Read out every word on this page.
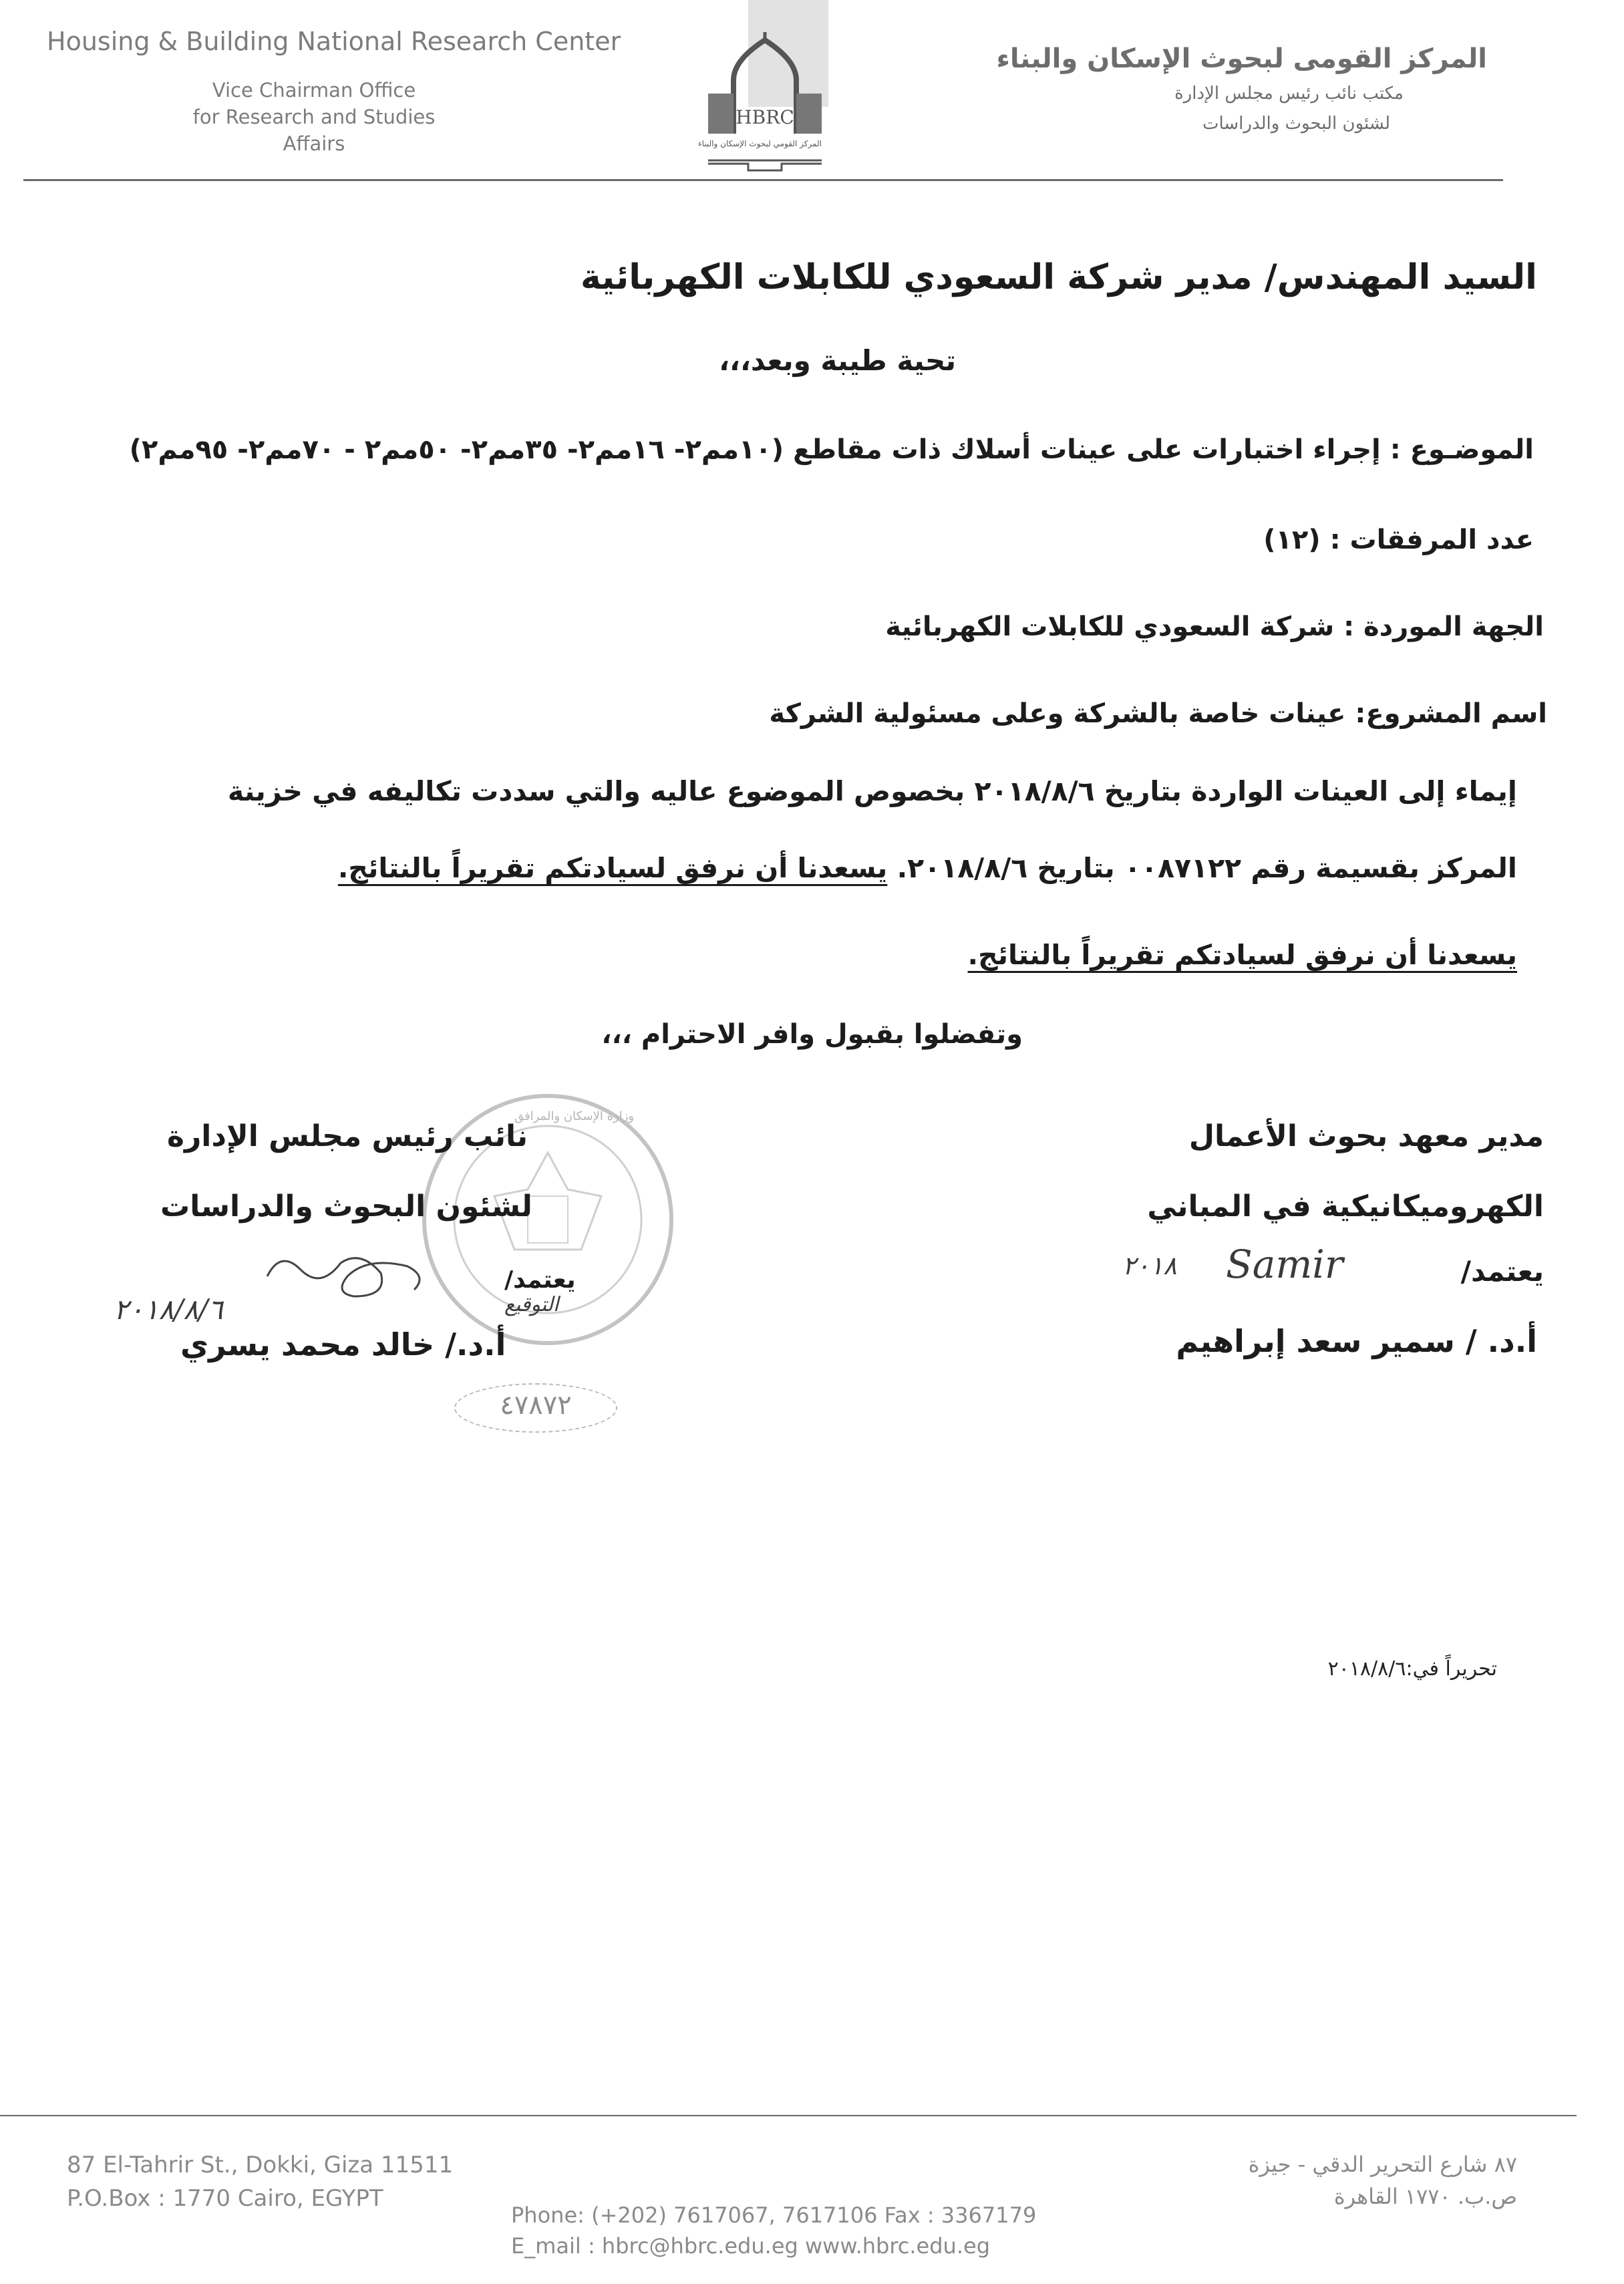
Housing & Building National Research Center
Vice Chairman Office
for Research and Studies Affairs
HBRC
المركز القومي لبحوث الإسكان والبناء
المركز القومى لبحوث الإسكان والبناء
مكتب نائب رئيس مجلس الإدارة
لشئون البحوث والدراسات
السيد المهندس/ مدير شركة السعودي للكابلات الكهربائية
تحية طيبة وبعد،،،
الموضـوع : إجراء اختبارات على عينات أسلاك ذات مقاطع (١٠مم٢- ١٦مم٢- ٣٥مم٢- ٥٠مم٢ - ٧٠مم٢- ٩٥مم٢)
عدد المرفقات : (١٢)
الجهة الموردة : شركة السعودي للكابلات الكهربائية
اسم المشروع: عينات خاصة بالشركة وعلى مسئولية الشركة
إيماء إلى العينات الواردة بتاريخ ٢٠١٨/٨/٦ بخصوص الموضوع عاليه والتي سددت تكاليفه في خزينة
المركز بقسيمة رقم ٠٠٨٧١٢٢ بتاريخ ٢٠١٨/٨/٦. يسعدنا أن نرفق لسيادتكم تقريراً بالنتائج.
يسعدنا أن نرفق لسيادتكم تقريراً بالنتائج.
وتفضلوا بقبول وافر الاحترام ،،،
مدير معهد بحوث الأعمال
الكهروميكانيكية في المباني
يعتمد/
Samir
٢٠١٨
أ.د. / سمير سعد إبراهيم
وزارة الإسكان والمرافق
نائب رئيس مجلس الإدارة
لشئون البحوث والدراسات
يعتمد/
التوقيع
٢٠١٨/٨/٦
أ.د./ خالد محمد يسري
٤٧٨٧٢
تحريراً في:٢٠١٨/٨/٦
87 El-Tahrir St., Dokki, Giza 11511
P.O.Box : 1770 Cairo, EGYPT
Phone: (+202) 7617067, 7617106 Fax : 3367179
E_mail : hbrc@hbrc.edu.eg www.hbrc.edu.eg
٨٧ شارع التحرير الدقي - جيزة
ص.ب. ١٧٧٠ القاهرة
